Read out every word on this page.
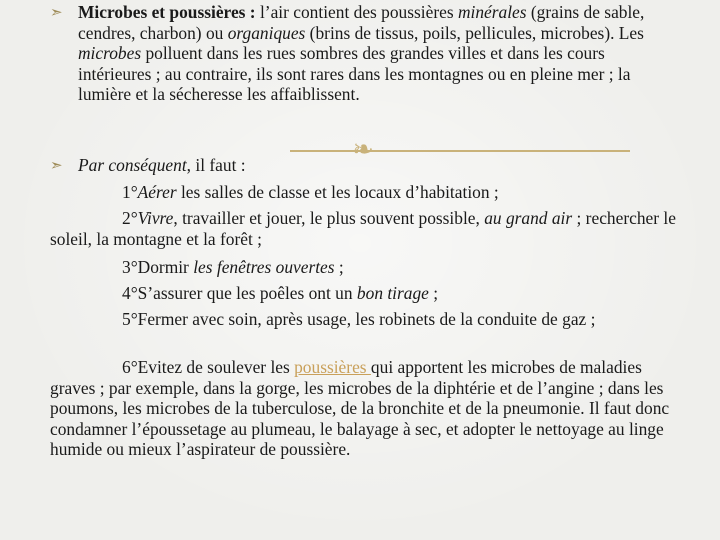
❧
➣ Microbes et poussières : l’air contient des poussières minérales (grains de sable, cendres, charbon) ou organiques (brins de tissus, poils, pellicules, microbes). Les microbes polluent dans les rues sombres des grandes villes et dans les cours intérieures ; au contraire, ils sont rares dans les montagnes ou en pleine mer ; la lumière et la sécheresse les affaiblissent.
➣ Par conséquent, il faut :

1°Aérer les salles de classe et les locaux d’habitation ;

2°Vivre, travailler et jouer, le plus souvent possible, au grand air ; rechercher le soleil, la montagne et la forêt ;

3°Dormir les fenêtres ouvertes ;

4°S’assurer que les poêles ont un bon tirage ;

5°Fermer avec soin, après usage, les robinets de la conduite de gaz ;

6°Evitez de soulever les poussières qui apportent les microbes de maladies graves ; par exemple, dans la gorge, les microbes de la diphtérie et de l’angine ; dans les poumons, les microbes de la tuberculose, de la bronchite et de la pneumonie. Il faut donc condamner l’époussetage au plumeau, le balayage à sec, et adopter le nettoyage au linge humide ou mieux l’aspirateur de poussière.
